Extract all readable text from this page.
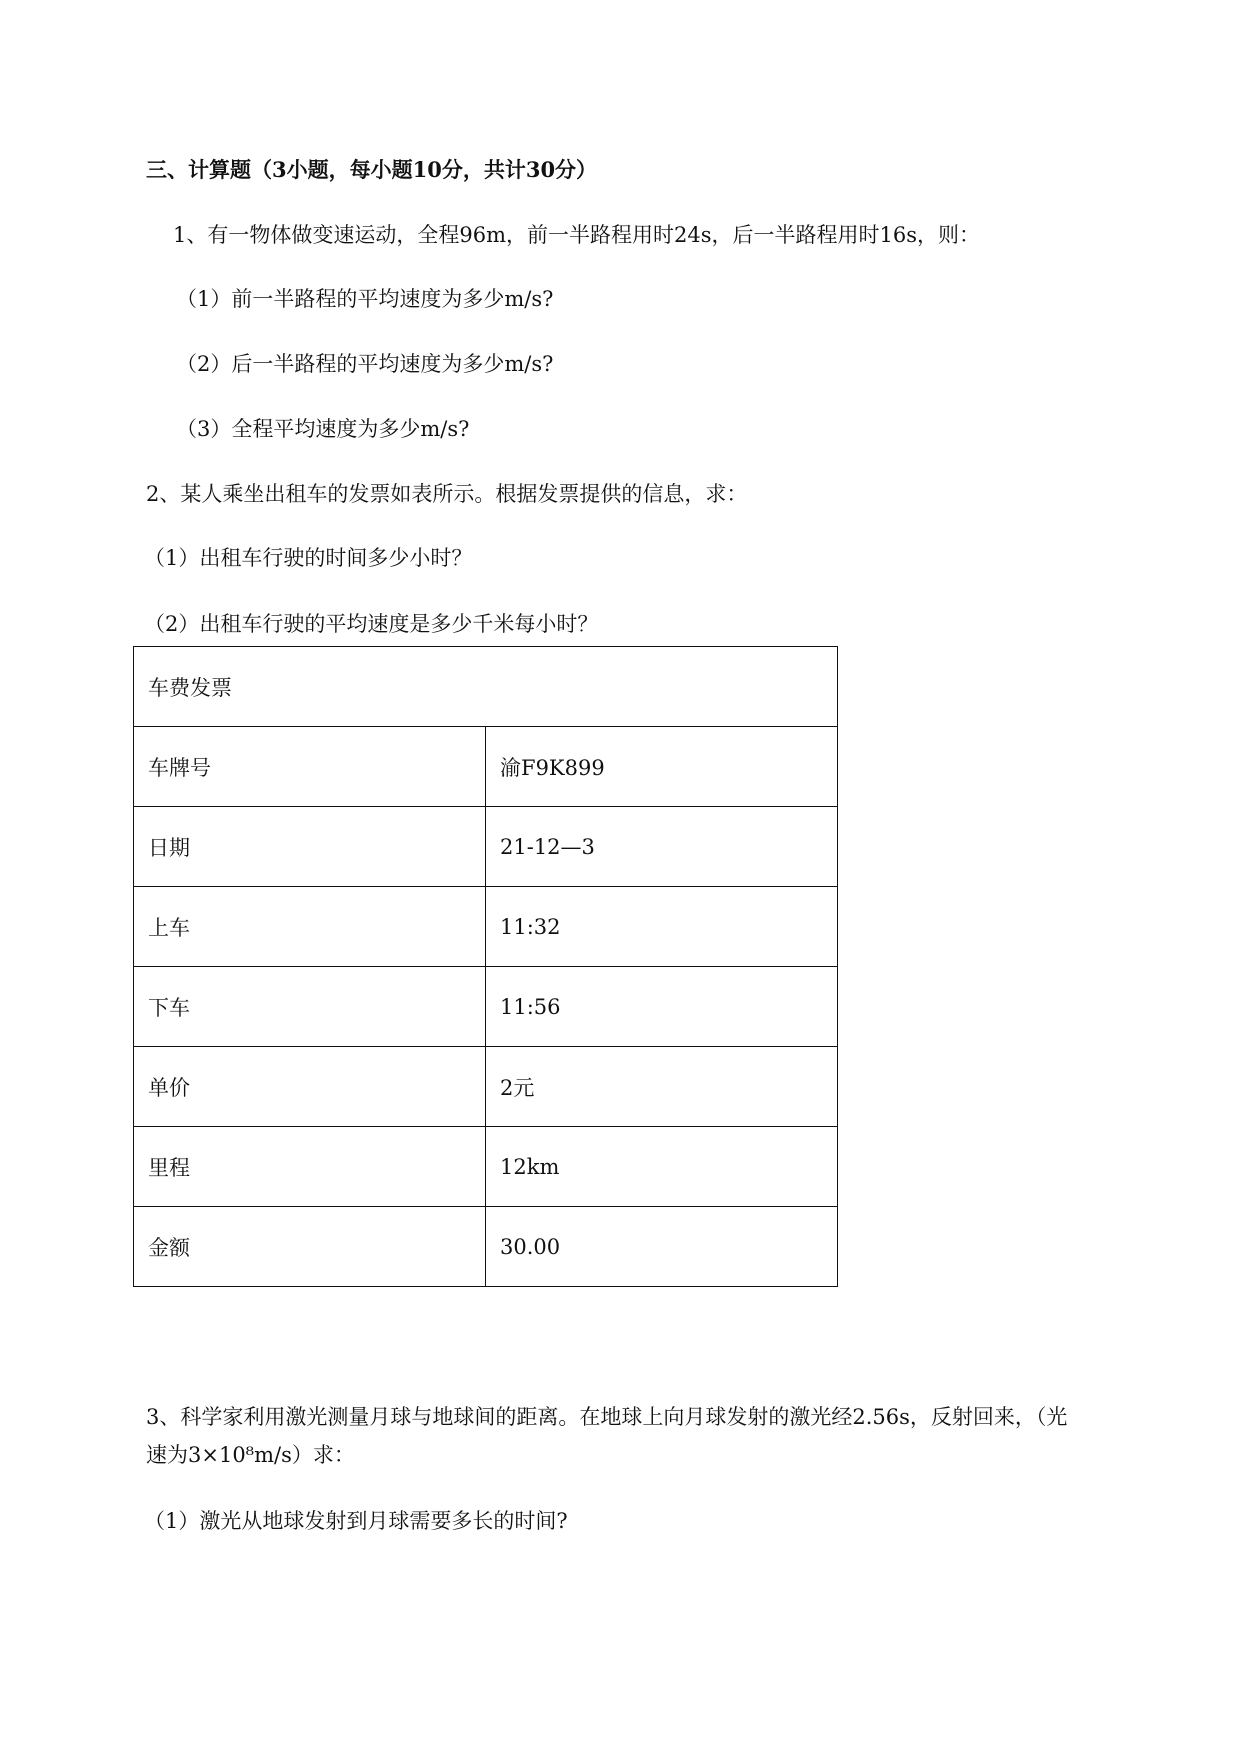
三、计算题（3小题，每小题10分，共计30分）
1、有一物体做变速运动，全程96m，前一半路程用时24s，后一半路程用时16s，则：
（1）前一半路程的平均速度为多少m/s?
（2）后一半路程的平均速度为多少m/s?
（3）全程平均速度为多少m/s?
2、某人乘坐出租车的发票如表所示。根据发票提供的信息，求：
（1）出租车行驶的时间多少小时？
（2）出租车行驶的平均速度是多少千米每小时？
车费发票	
车牌号	渝F9K899
日期	21-12—3
上车	11:32
下车	11:56
单价	2元
里程	12km
金额	30.00
3、科学家利用激光测量月球与地球间的距离。在地球上向月球发射的激光经2.56s，反射回来，（光
速为3×10⁸m/s）求：
（1）激光从地球发射到月球需要多长的时间?
